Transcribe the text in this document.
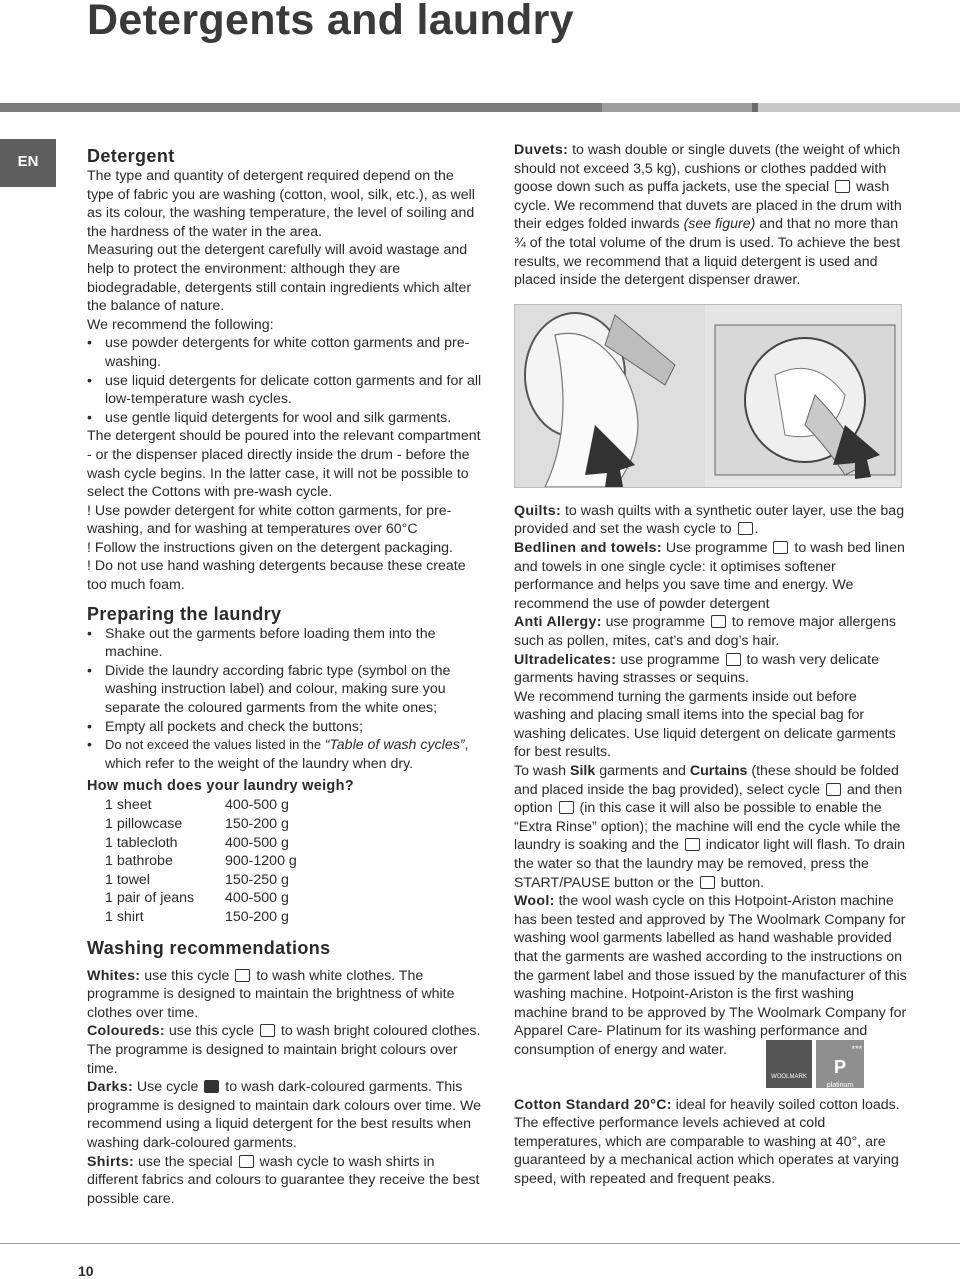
Detergents and laundry
EN	Detergent

The type and quantity of detergent required depend on the type of fabric you are washing (cotton, wool, silk, etc.), as well as its colour, the washing temperature, the level of soiling and the hardness of the water in the area.

Measuring out the detergent carefully will avoid wastage and help to protect the environment: although they are biodegradable, detergents still contain ingredients which alter the balance of nature.

We recommend the following:

• use powder detergents for white cotton garments and pre-washing.
• use liquid detergents for delicate cotton garments and for all low-temperature wash cycles.
• use gentle liquid detergents for wool and silk garments.

The detergent should be poured into the relevant compartment - or the dispenser placed directly inside the drum - before the wash cycle begins. In the latter case, it will not be possible to select the Cottons with pre-wash cycle.

! Use powder detergent for white cotton garments, for pre-washing, and for washing at temperatures over 60°C

! Follow the instructions given on the detergent packaging.

! Do not use hand washing detergents because these create too much foam.

Preparing the laundry
• Shake out the garments before loading them into the machine.
• Divide the laundry according fabric type (symbol on the washing instruction label) and colour, making sure you separate the coloured garments from the white ones;
• Empty all pockets and check the buttons;
• Do not exceed the values listed in the “Table of wash cycles”, which refer to the weight of the laundry when dry.
How much does your laundry weigh?
1 sheet	400-500 g
1 pillowcase	150-200 g
1 tablecloth	400-500 g
1 bathrobe	900-1200 g
1 towel	150-250 g
1 pair of jeans	400-500 g
1 shirt	150-200 g
Washing recommendations

Whites: use this cycle  to wash white clothes. The programme is designed to maintain the brightness of white clothes over time.

Coloureds: use this cycle  to wash bright coloured clothes. The programme is designed to maintain bright colours over time.

Darks: Use cycle  to wash dark-coloured garments. This programme is designed to maintain dark colours over time. We recommend using a liquid detergent for the best results when washing dark-coloured garments.

Shirts: use the special  wash cycle to wash shirts in different fabrics and colours to guarantee they receive the best possible care.

Duvets: to wash double or single duvets (the weight of which should not exceed 3,5 kg), cushions or clothes padded with goose down such as puffa jackets, use the special  wash cycle. We recommend that duvets are placed in the drum with their edges folded inwards (see figure) and that no more than ¾ of the total volume of the drum is used. To achieve the best results, we recommend that a liquid detergent is used and placed inside the detergent dispenser drawer.

Quilts: to wash quilts with a synthetic outer layer, use the bag provided and set the wash cycle to .

Bedlinen and towels: Use programme  to wash bed linen and towels in one single cycle: it optimises softener performance and helps you save time and energy. We recommend the use of powder detergent

Anti Allergy: use programme  to remove major allergens such as pollen, mites, cat’s and dog’s hair.

Ultradelicates: use programme  to wash very delicate garments having strasses or sequins.

We recommend turning the garments inside out before washing and placing small items into the special bag for washing delicates. Use liquid detergent on delicate garments for best results.

To wash Silk garments and Curtains (these should be folded and placed inside the bag provided), select cycle  and then option  (in this case it will also be possible to enable the “Extra Rinse” option); the machine will end the cycle while the laundry is soaking and the  indicator light will flash. To drain the water so that the laundry may be removed, press the START/PAUSE button or the  button.

Wool: the wool wash cycle on this Hotpoint-Ariston machine has been tested and approved by The Woolmark Company for washing wool garments labelled as hand washable provided that the garments are washed according to the instructions on the garment label and those issued by the manufacturer of this washing machine. Hotpoint-Ariston is the first washing machine brand to be approved by The Woolmark Company for Apparel Care- Platinum for its washing performance and consumption of energy and water.

WOOLMARK APPAREL CARE
***
P
platinum

Cotton Standard 20°C: ideal for heavily soiled cotton loads. The effective performance levels achieved at cold temperatures, which are comparable to washing at 40°, are guaranteed by a mechanical action which operates at varying speed, with repeated and frequent peaks.

10
